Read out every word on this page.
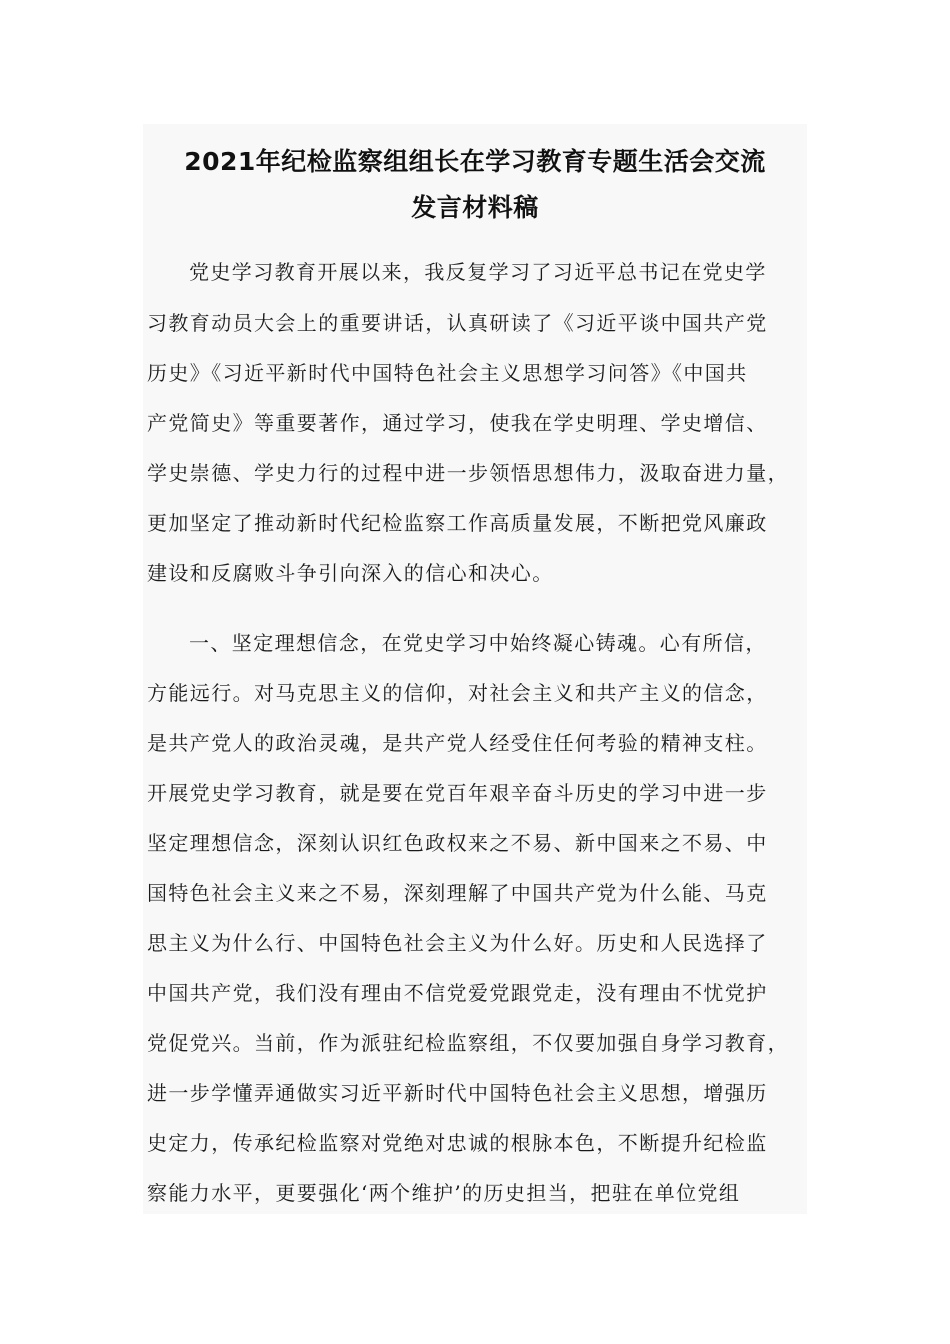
2021年纪检监察组组长在学习教育专题生活会交流
发言材料稿
党史学习教育开展以来，我反复学习了习近平总书记在党史学
习教育动员大会上的重要讲话，认真研读了《习近平谈中国共产党
历史》《习近平新时代中国特色社会主义思想学习问答》《中国共
产党简史》等重要著作，通过学习，使我在学史明理、学史增信、
学史崇德、学史力行的过程中进一步领悟思想伟力，汲取奋进力量，
更加坚定了推动新时代纪检监察工作高质量发展，不断把党风廉政
建设和反腐败斗争引向深入的信心和决心。
一、坚定理想信念，在党史学习中始终凝心铸魂。心有所信，
方能远行。对马克思主义的信仰，对社会主义和共产主义的信念，
是共产党人的政治灵魂，是共产党人经受住任何考验的精神支柱。
开展党史学习教育，就是要在党百年艰辛奋斗历史的学习中进一步
坚定理想信念，深刻认识红色政权来之不易、新中国来之不易、中
国特色社会主义来之不易，深刻理解了中国共产党为什么能、马克
思主义为什么行、中国特色社会主义为什么好。历史和人民选择了
中国共产党，我们没有理由不信党爱党跟党走，没有理由不忧党护
党促党兴。当前，作为派驻纪检监察组，不仅要加强自身学习教育，
进一步学懂弄通做实习近平新时代中国特色社会主义思想，增强历
史定力，传承纪检监察对党绝对忠诚的根脉本色，不断提升纪检监
察能力水平，更要强化‘两个维护’的历史担当，把驻在单位党组
